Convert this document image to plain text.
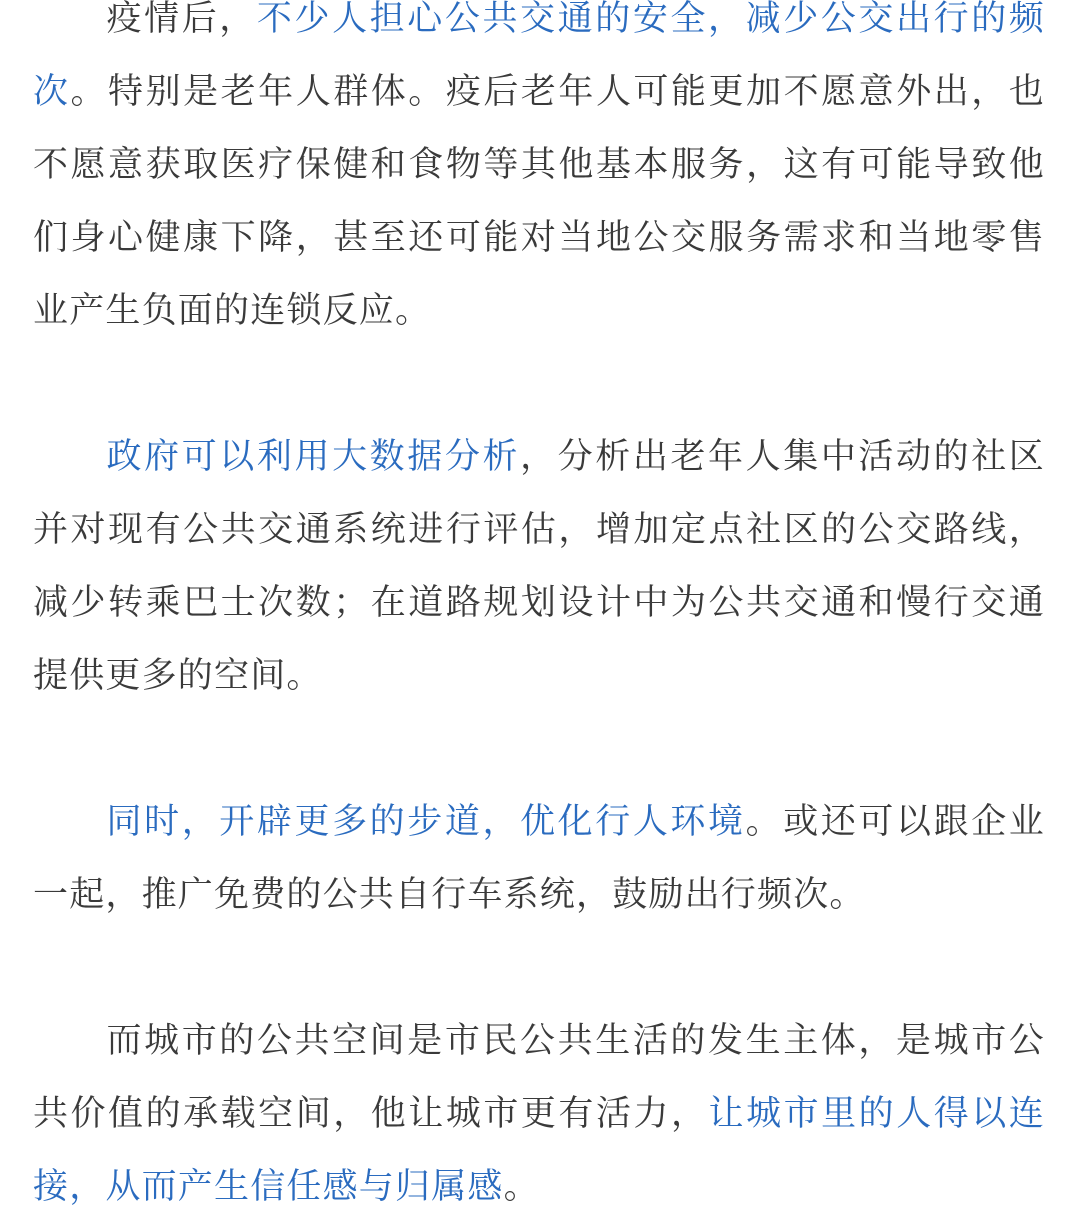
疫情后，不少人担心公共交通的安全，减少公交出行的频次。特别是老年人群体。疫后老年人可能更加不愿意外出，也不愿意获取医疗保健和食物等其他基本服务，这有可能导致他们身心健康下降，甚至还可能对当地公交服务需求和当地零售业产生负面的连锁反应。

政府可以利用大数据分析，分析出老年人集中活动的社区并对现有公共交通系统进行评估，增加定点社区的公交路线，减少转乘巴士次数；在道路规划设计中为公共交通和慢行交通提供更多的空间。

同时，开辟更多的步道，优化行人环境。或还可以跟企业一起，推广免费的公共自行车系统，鼓励出行频次。

而城市的公共空间是市民公共生活的发生主体，是城市公共价值的承载空间，他让城市更有活力，让城市里的人得以连接，从而产生信任感与归属感。
